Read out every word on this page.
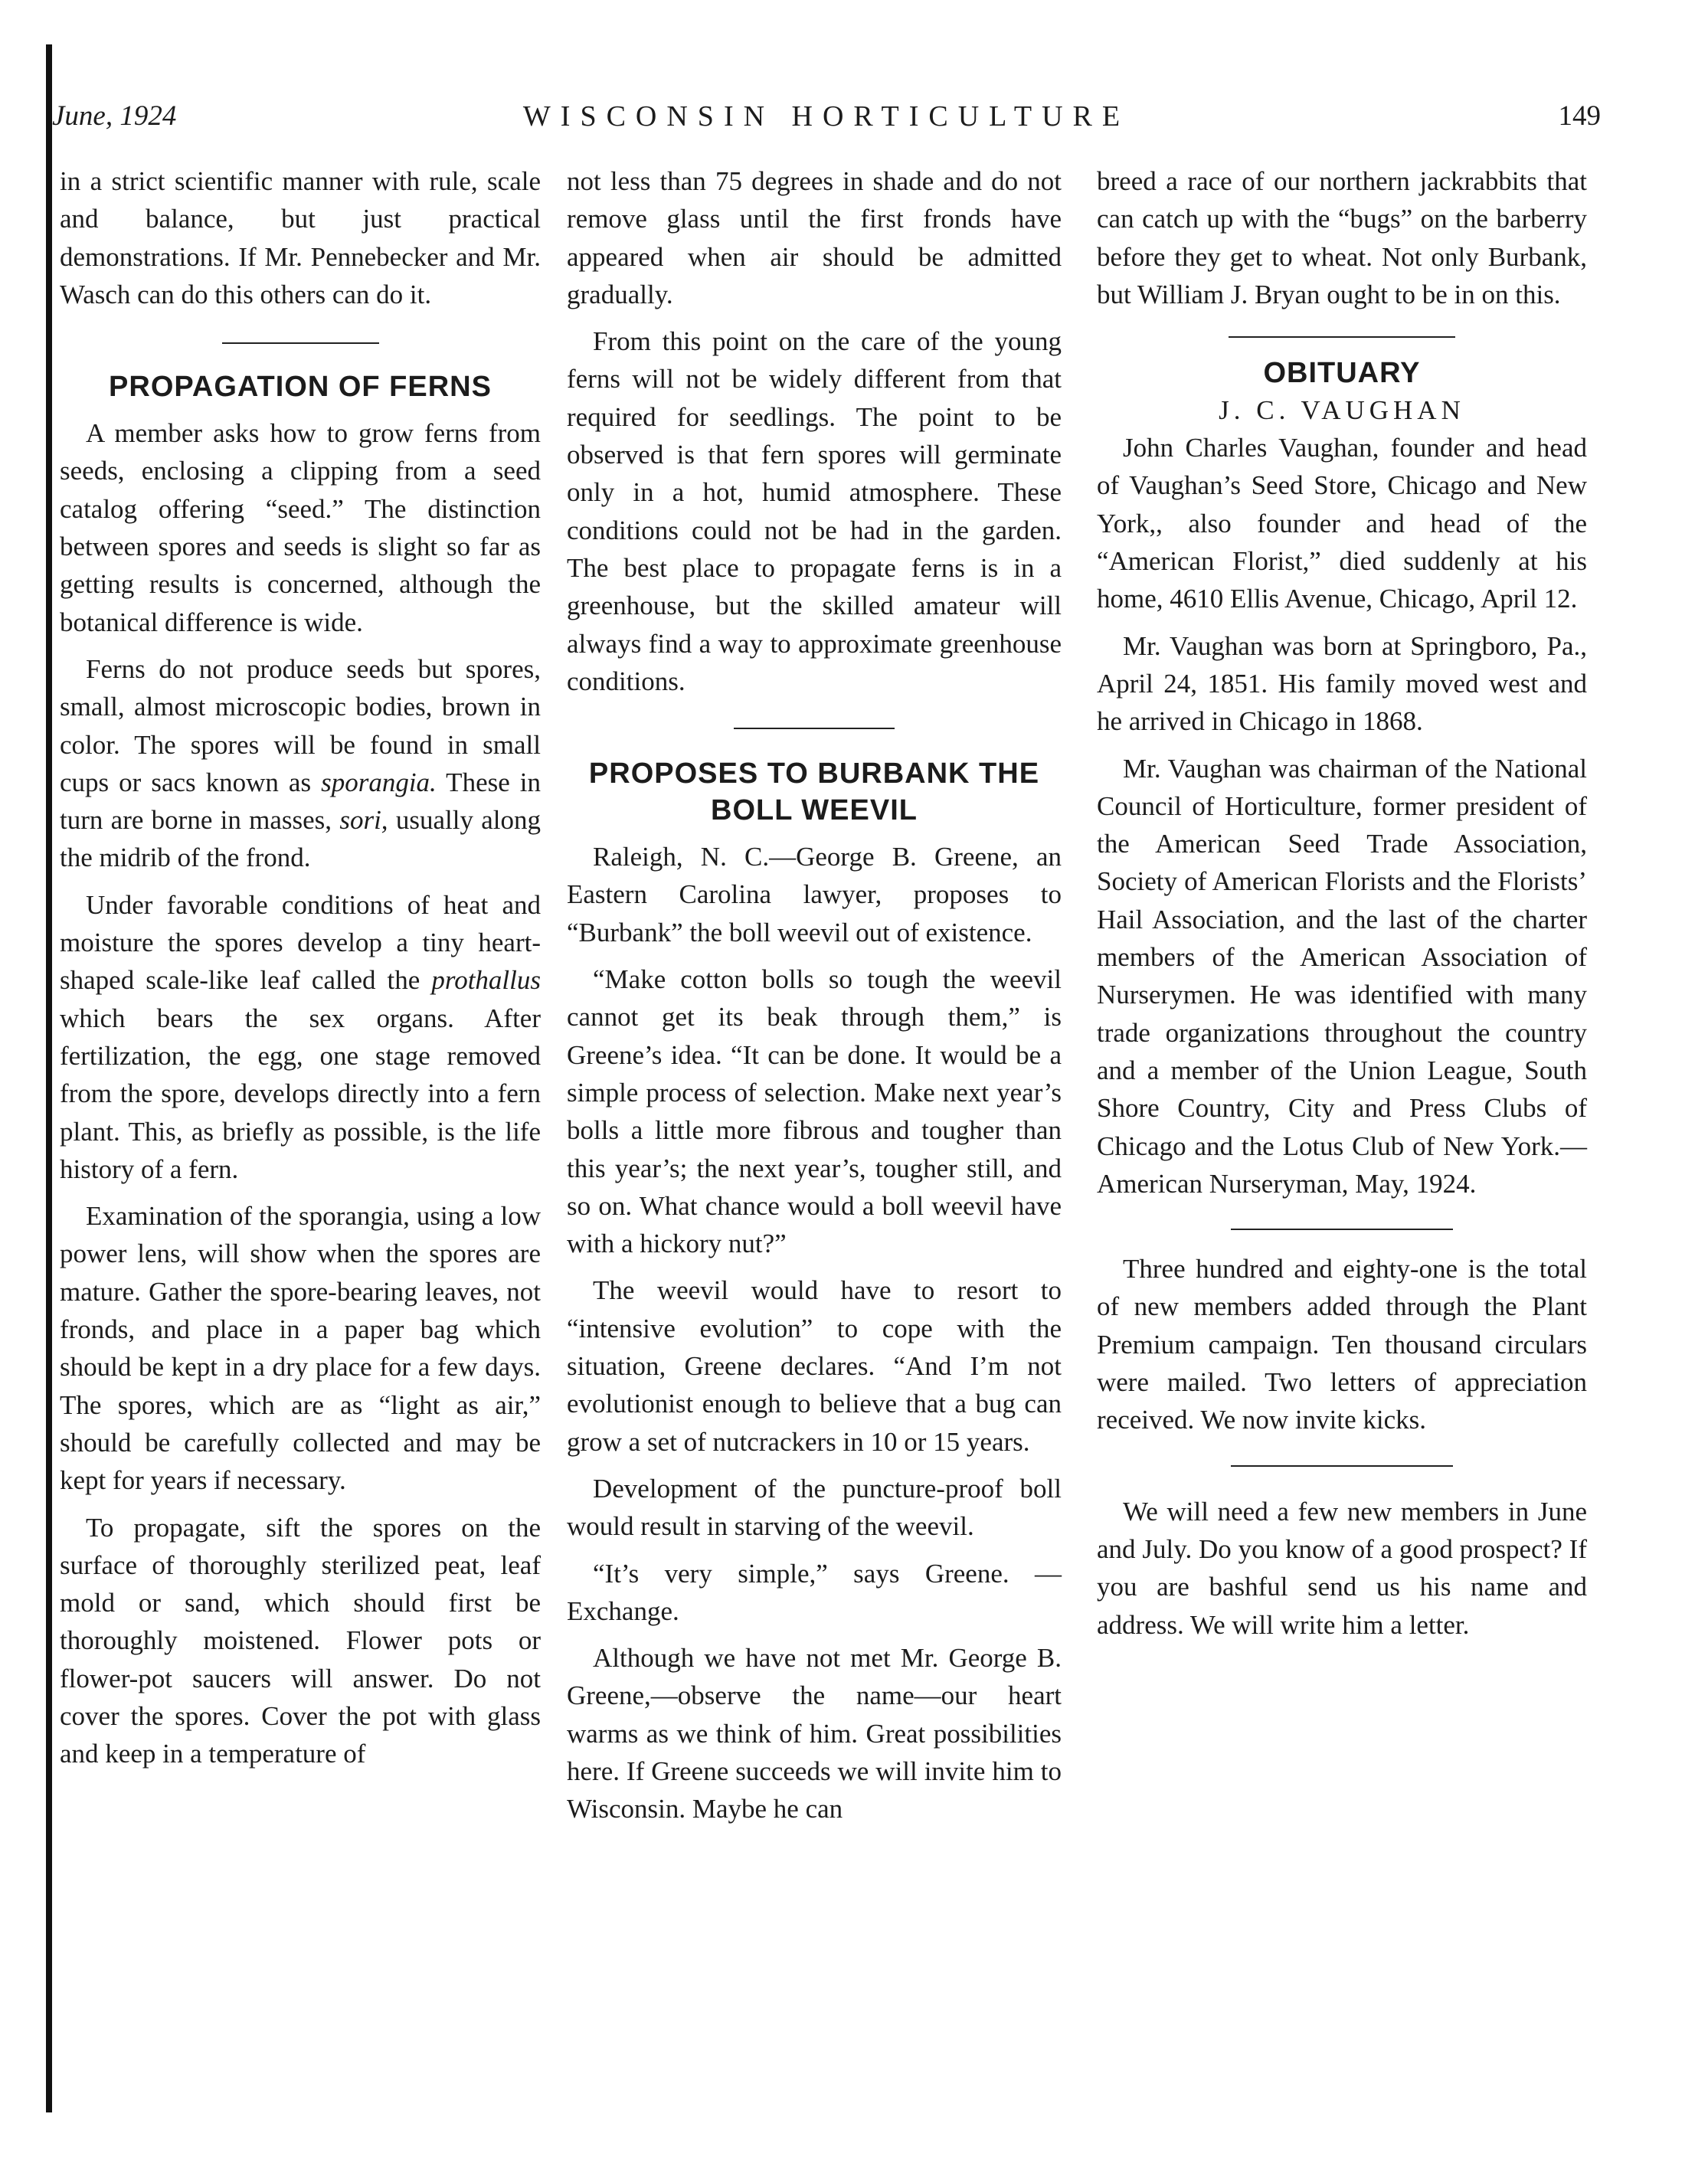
June, 1924	WISCONSIN HORTICULTURE	149

in a strict scientific manner with rule, scale and balance, but just practical demonstrations. If Mr. Pennebecker and Mr. Wasch can do this others can do it.

PROPAGATION OF FERNS

A member asks how to grow ferns from seeds, enclosing a clipping from a seed catalog offering “seed.” The distinction between spores and seeds is slight so far as getting results is concerned, although the botanical difference is wide.

Ferns do not produce seeds but spores, small, almost microscopic bodies, brown in color. The spores will be found in small cups or sacs known as sporangia. These in turn are borne in masses, sori, usually along the midrib of the frond.

Under favorable conditions of heat and moisture the spores develop a tiny heart-shaped scale-like leaf called the prothallus which bears the sex organs. After fertilization, the egg, one stage removed from the spore, develops directly into a fern plant. This, as briefly as possible, is the life history of a fern.

Examination of the sporangia, using a low power lens, will show when the spores are mature. Gather the spore-bearing leaves, not fronds, and place in a paper bag which should be kept in a dry place for a few days. The spores, which are as “light as air,” should be carefully collected and may be kept for years if necessary.

To propagate, sift the spores on the surface of thoroughly sterilized peat, leaf mold or sand, which should first be thoroughly moistened. Flower pots or flower-pot saucers will answer. Do not cover the spores. Cover the pot with glass and keep in a temperature of

not less than 75 degrees in shade and do not remove glass until the first fronds have appeared when air should be admitted gradually.

From this point on the care of the young ferns will not be widely different from that required for seedlings. The point to be observed is that fern spores will germinate only in a hot, humid atmosphere. These conditions could not be had in the garden. The best place to propagate ferns is in a greenhouse, but the skilled amateur will always find a way to approximate greenhouse conditions.

PROPOSES TO BURBANK THE BOLL WEEVIL

Raleigh, N. C.—George B. Greene, an Eastern Carolina lawyer, proposes to “Burbank” the boll weevil out of existence.

“Make cotton bolls so tough the weevil cannot get its beak through them,” is Greene’s idea. “It can be done. It would be a simple process of selection. Make next year’s bolls a little more fibrous and tougher than this year’s; the next year’s, tougher still, and so on. What chance would a boll weevil have with a hickory nut?”

The weevil would have to resort to “intensive evolution” to cope with the situation, Greene declares. “And I’m not evolutionist enough to believe that a bug can grow a set of nutcrackers in 10 or 15 years.

Development of the puncture-proof boll would result in starving of the weevil.

“It’s very simple,” says Greene. —Exchange.

Although we have not met Mr. George B. Greene,—observe the name—our heart warms as we think of him. Great possibilities here. If Greene succeeds we will invite him to Wisconsin. Maybe he can

breed a race of our northern jackrabbits that can catch up with the “bugs” on the barberry before they get to wheat. Not only Burbank, but William J. Bryan ought to be in on this.

OBITUARY
J. C. VAUGHAN

John Charles Vaughan, founder and head of Vaughan’s Seed Store, Chicago and New York,, also founder and head of the “American Florist,” died suddenly at his home, 4610 Ellis Avenue, Chicago, April 12.

Mr. Vaughan was born at Springboro, Pa., April 24, 1851. His family moved west and he arrived in Chicago in 1868.

Mr. Vaughan was chairman of the National Council of Horticulture, former president of the American Seed Trade Association, Society of American Florists and the Florists’ Hail Association, and the last of the charter members of the American Association of Nurserymen. He was identified with many trade organizations throughout the country and a member of the Union League, South Shore Country, City and Press Clubs of Chicago and the Lotus Club of New York.—American Nurseryman, May, 1924.

Three hundred and eighty-one is the total of new members added through the Plant Premium campaign. Ten thousand circulars were mailed. Two letters of appreciation received. We now invite kicks.

We will need a few new members in June and July. Do you know of a good prospect? If you are bashful send us his name and address. We will write him a letter.
